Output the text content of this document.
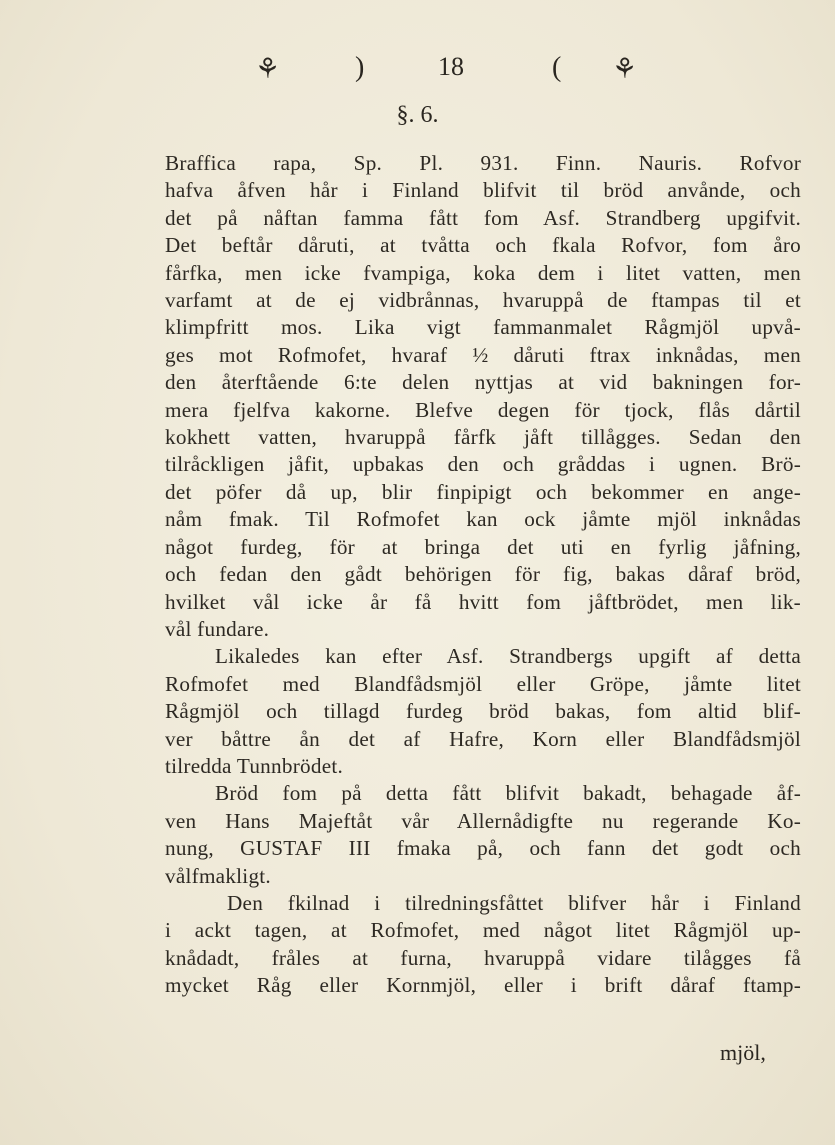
⚘	)	18	( ⚘
§. 6.
Braffica rapa, Sp. Pl. 931. Finn. Nauris. Rofvor
hafva åfven hår i Finland blifvit til bröd anvånde, och
det på nåftan famma fått fom Asf. Strandberg upgifvit.
Det beftår dåruti, at tvåtta och fkala Rofvor, fom åro
fårfka, men icke fvampiga, koka dem i litet vatten, men
varfamt at de ej vidbrånnas, hvaruppå de ftampas til et
klimpfritt mos. Lika vigt fammanmalet Rågmjöl upvå-
ges mot Rofmofet, hvaraf ½ dåruti ftrax inknådas, men
den återftående 6:te delen nyttjas at vid bakningen for-
mera fjelfva kakorne. Blefve degen för tjock, flås dårtil
kokhett vatten, hvaruppå fårfk jåft tillågges. Sedan den
tilråckligen jåfit, upbakas den och gråddas i ugnen. Brö-
det pöfer då up, blir finpipigt och bekommer en ange-
nåm fmak. Til Rofmofet kan ock jåmte mjöl inknådas
något furdeg, för at bringa det uti en fyrlig jåfning,
och fedan den gådt behörigen för fig, bakas dåraf bröd,
hvilket vål icke år få hvitt fom jåftbrödet, men lik-
vål fundare.
Likaledes kan efter Asf. Strandbergs upgift af detta
Rofmofet med Blandfådsmjöl eller Gröpe, jåmte litet
Rågmjöl och tillagd furdeg bröd bakas, fom altid blif-
ver båttre ån det af Hafre, Korn eller Blandfådsmjöl
tilredda Tunnbrödet.
Bröd fom på detta fått blifvit bakadt, behagade åf-
ven Hans Majeftåt vår Allernådigfte nu regerande Ko-
nung, GUSTAF III fmaka på, och fann det godt och
vålfmakligt.
Den fkilnad i tilredningsfåttet blifver hår i Finland
i ackt tagen, at Rofmofet, med något litet Rågmjöl up-
knådadt, fråles at furna, hvaruppå vidare tilågges få
mycket Råg eller Kornmjöl, eller i brift dåraf ftamp-
mjöl,
